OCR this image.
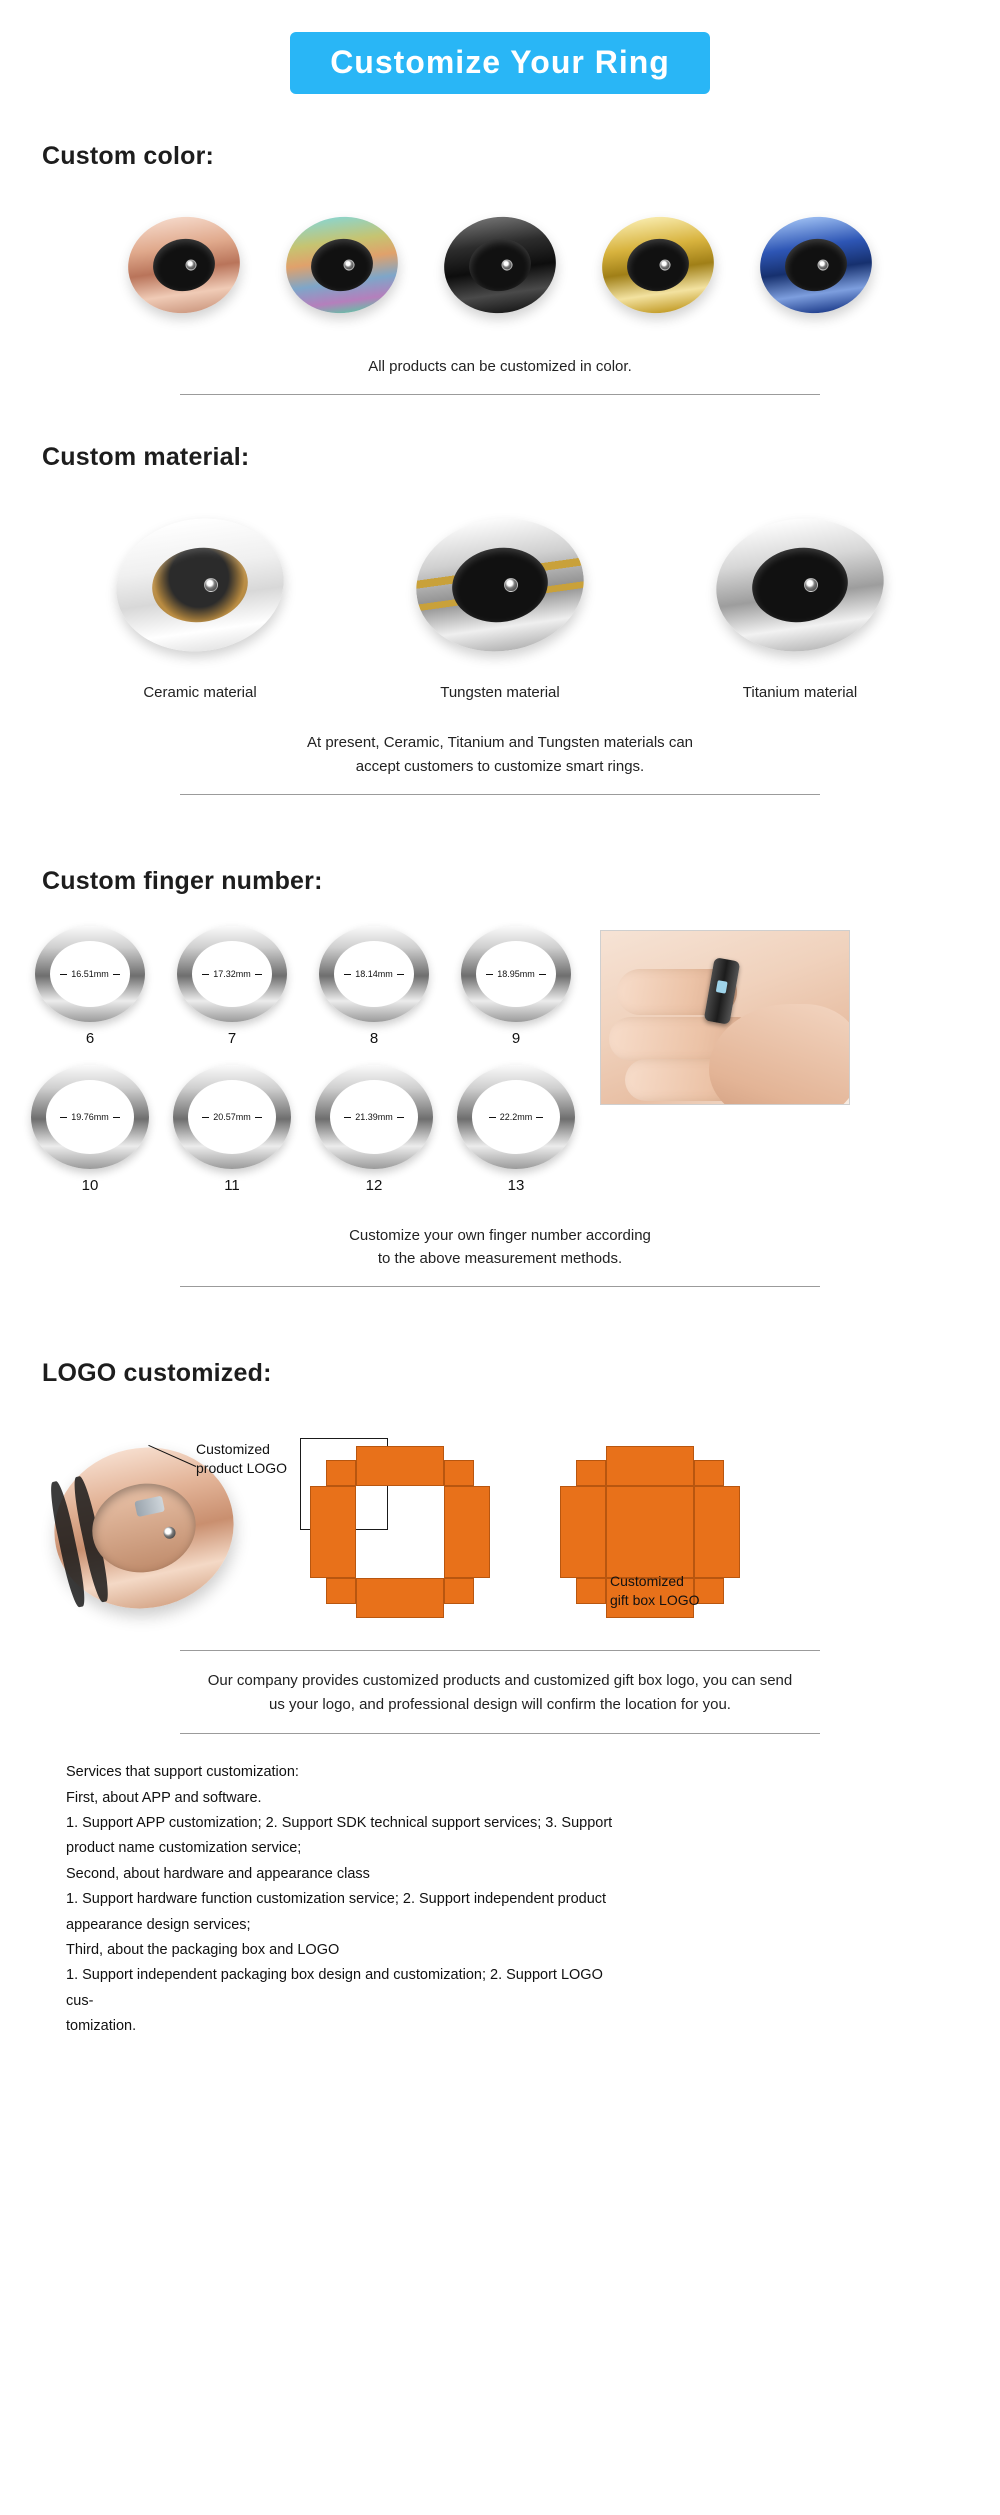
Customize Your Ring
Custom color:
All products can be customized in color.
Custom material:
Ceramic material	Tungsten material	Titanium material
At present, Ceramic, Titanium and Tungsten materials can
accept customers to customize smart rings.
Custom finger number:
16.51mm
6
17.32mm
7
18.14mm
8
18.95mm
9
19.76mm
10
20.57mm
11
21.39mm
12
22.2mm
13
Customize your own finger number according
to the above measurement methods.
LOGO customized:
Customized
product LOGO
Customized
gift box LOGO
Our company provides customized products and customized gift box logo, you can send
us your logo, and professional design will confirm the location for you.

Services that support customization:

First, about APP and software.

1. Support APP customization; 2. Support SDK technical support services; 3. Support

product name customization service;

Second, about hardware and appearance class

1. Support hardware function customization service; 2. Support independent product

appearance design services;

Third, about the packaging box and LOGO

1. Support independent packaging box design and customization; 2. Support LOGO cus-

tomization.
